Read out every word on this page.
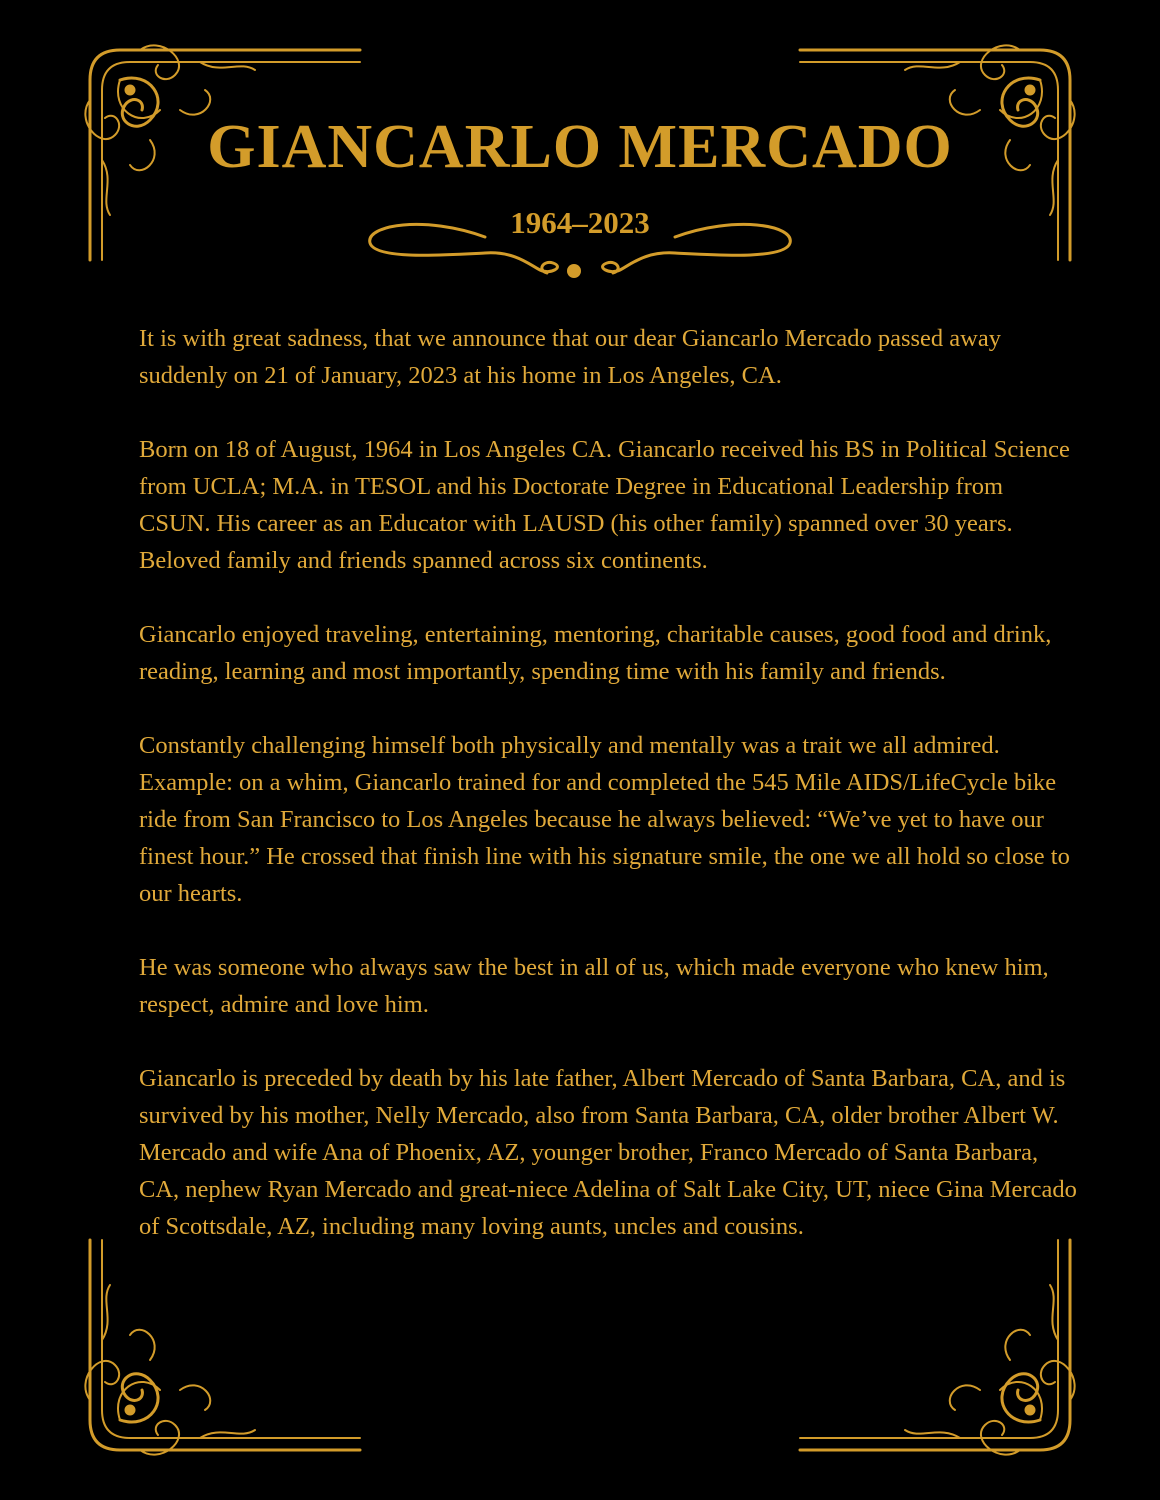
GIANCARLO MERCADO
1964–2023

It is with great sadness, that we announce that our dear Giancarlo Mercado passed away suddenly on 21 of January, 2023 at his home in Los Angeles, CA.

Born on 18 of August, 1964 in Los Angeles CA. Giancarlo received his BS in Political Science from UCLA; M.A. in TESOL and his Doctorate Degree in Educational Leadership from CSUN. His career as an Educator with LAUSD (his other family) spanned over 30 years. Beloved family and friends spanned across six continents.

Giancarlo enjoyed traveling, entertaining, mentoring, charitable causes, good food and drink, reading, learning and most importantly, spending time with his family and friends.

Constantly challenging himself both physically and mentally was a trait we all admired. Example: on a whim, Giancarlo trained for and completed the 545 Mile AIDS/LifeCycle bike ride from San Francisco to Los Angeles because he always believed: “We’ve yet to have our finest hour.” He crossed that finish line with his signature smile, the one we all hold so close to our hearts.

He was someone who always saw the best in all of us, which made everyone who knew him, respect, admire and love him.

Giancarlo is preceded by death by his late father, Albert Mercado of Santa Barbara, CA, and is survived by his mother, Nelly Mercado, also from Santa Barbara, CA, older brother Albert W. Mercado and wife Ana of Phoenix, AZ, younger brother, Franco Mercado of Santa Barbara, CA, nephew Ryan Mercado and great-niece Adelina of Salt Lake City, UT, niece Gina Mercado of Scottsdale, AZ, including many loving aunts, uncles and cousins.
